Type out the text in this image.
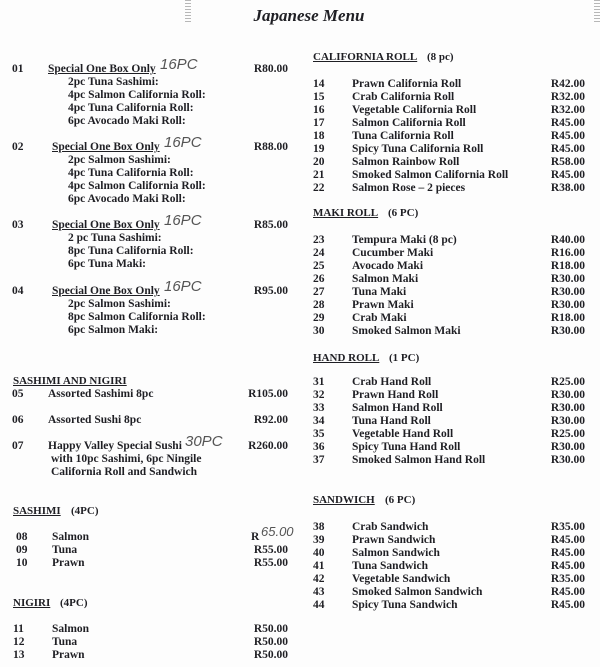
Japanese Menu
01 Special One Box Only 16PC	R80.00
2pc Tuna Sashimi:
4pc Salmon California Roll:
4pc Tuna California Roll:
6pc Avocado Maki Roll:
02 Special One Box Only 16PC	R88.00
2pc Salmon Sashimi:
4pc Tuna California Roll:
4pc Salmon California Roll:
6pc Avocado Maki Roll:
03 Special One Box Only 16PC	R85.00
2 pc Tuna Sashimi:
8pc Tuna California Roll:
6pc Tuna Maki:
04 Special One Box Only 16PC	R95.00
2pc Salmon Sashimi:
8pc Salmon California Roll:
6pc Salmon Maki:
SASHIMI AND NIGIRI
05 Assorted Sashimi 8pc	R105.00
06 Assorted Sushi 8pc	R92.00
07 Happy Valley Special Sushi	R260.00
30PC
with 10pc Sashimi, 6pc Ningile
California Roll and Sandwich
SASHIMI (4PC)
08 Salmon	R 65.00
09 Tuna	R55.00
10 Prawn	R55.00
NIGIRI (4PC)
11 Salmon	R50.00
12 Tuna	R50.00
13 Prawn	R50.00
CALIFORNIA ROLL (8 pc)
14 Prawn California Roll	R42.00
15 Crab California Roll	R32.00
16 Vegetable California Roll	R32.00
17 Salmon California Roll	R45.00
18 Tuna California Roll	R45.00
19 Spicy Tuna California Roll	R45.00
20 Salmon Rainbow Roll	R58.00
21 Smoked Salmon California Roll	R45.00
22 Salmon Rose – 2 pieces	R38.00
MAKI ROLL (6 PC)
23 Tempura Maki (8 pc)	R40.00
24 Cucumber Maki	R16.00
25 Avocado Maki	R18.00
26 Salmon Maki	R30.00
27 Tuna Maki	R30.00
28 Prawn Maki	R30.00
29 Crab Maki	R18.00
30 Smoked Salmon Maki	R30.00
HAND ROLL (1 PC)
31 Crab Hand Roll	R25.00
32 Prawn Hand Roll	R30.00
33 Salmon Hand Roll	R30.00
34 Tuna Hand Roll	R30.00
35 Vegetable Hand Roll	R25.00
36 Spicy Tuna Hand Roll	R30.00
37 Smoked Salmon Hand Roll	R30.00
SANDWICH (6 PC)
38 Crab Sandwich	R35.00
39 Prawn Sandwich	R45.00
40 Salmon Sandwich	R45.00
41 Tuna Sandwich	R45.00
42 Vegetable Sandwich	R35.00
43 Smoked Salmon Sandwich	R45.00
44 Spicy Tuna Sandwich	R45.00
